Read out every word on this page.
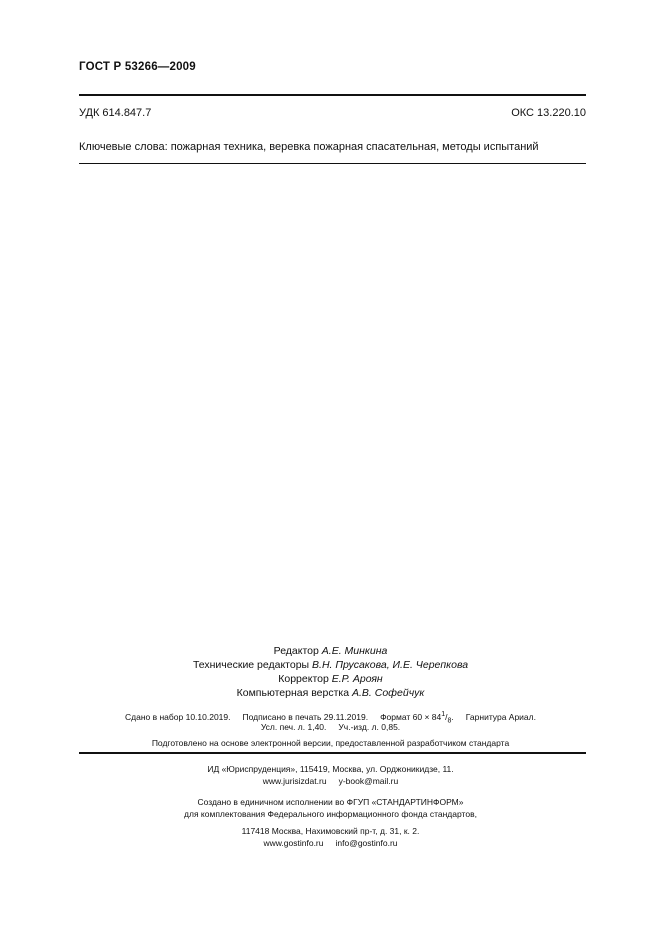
ГОСТ Р 53266—2009
УДК 614.847.7	ОКС 13.220.10
Ключевые слова: пожарная техника, веревка пожарная спасательная, методы испытаний
Редактор А.Е. Минкина
Технические редакторы В.Н. Прусакова, И.Е. Черепкова
Корректор Е.Р. Ароян
Компьютерная верстка А.В. Софейчук
Сдано в набор 10.10.2019. Подписано в печать 29.11.2019. Формат $60 \times 84^1/_8$. Гарнитура Ариал.
Усл. печ. л. 1,40. Уч.-изд. л. 0,85.
Подготовлено на основе электронной версии, предоставленной разработчиком стандарта
ИД «Юриспруденция», 115419, Москва, ул. Орджоникидзе, 11.
www.jurisizdat.ru y-book@mail.ru
Создано в единичном исполнении во ФГУП «СТАНДАРТИНФОРМ»
для комплектования Федерального информационного фонда стандартов,
117418 Москва, Нахимовский пр-т, д. 31, к. 2.
www.gostinfo.ru info@gostinfo.ru
